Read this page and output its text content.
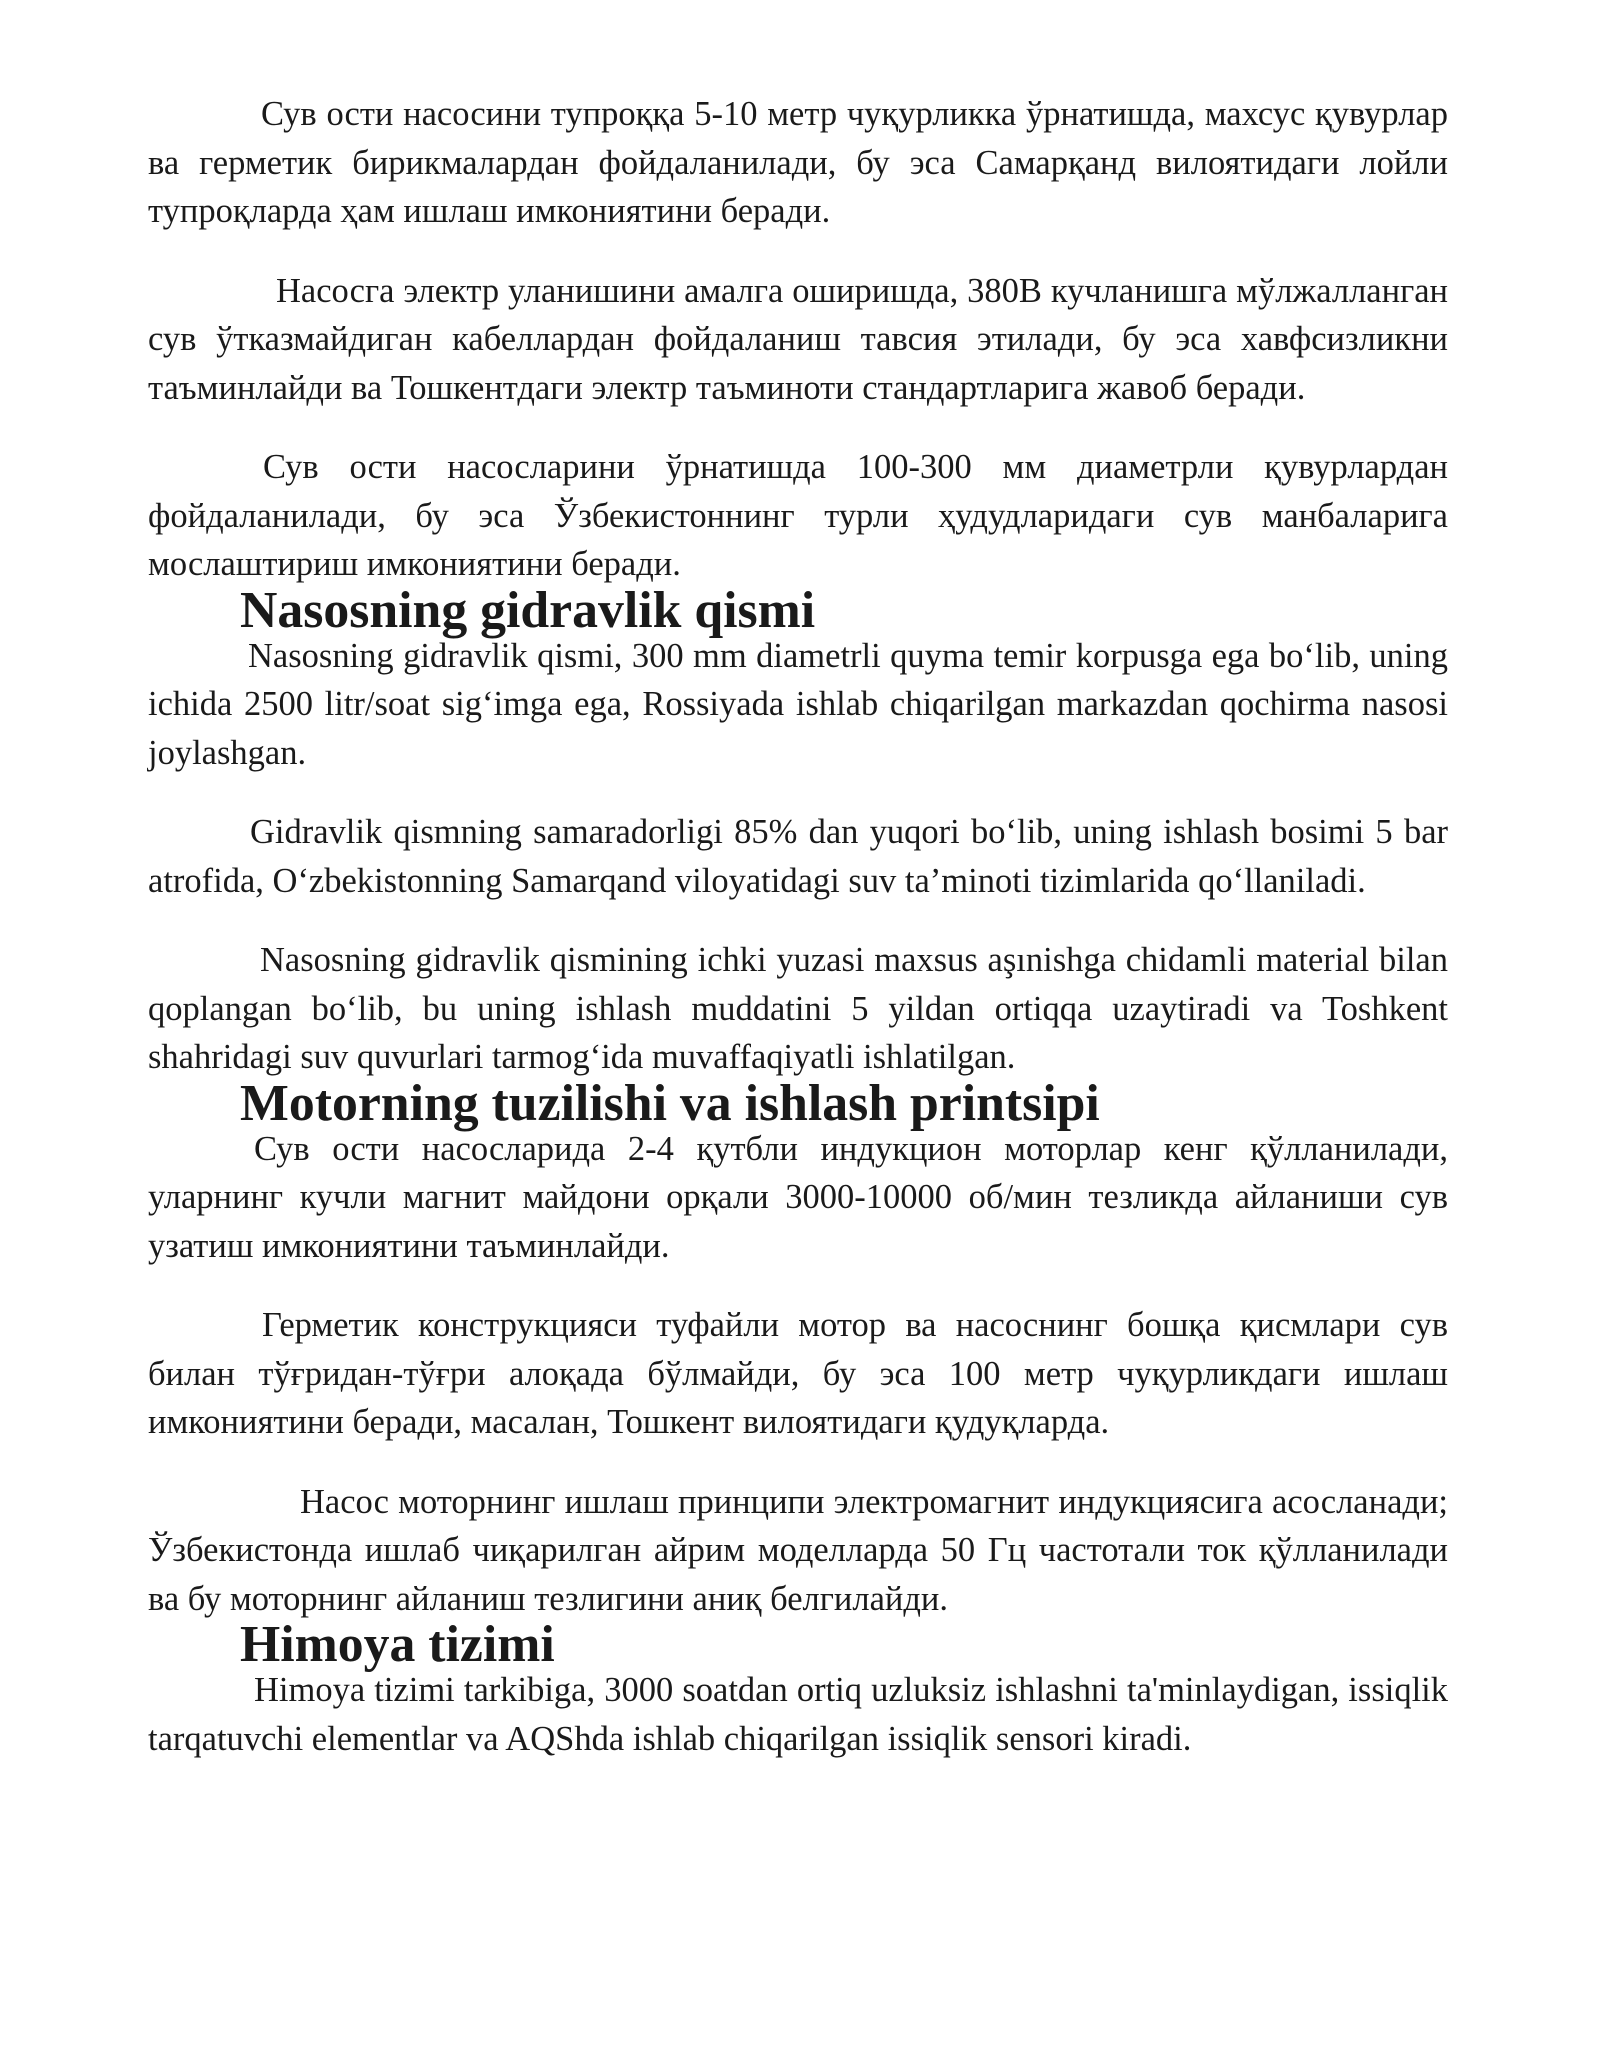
Сув ости насосини тупроққа 5-10 метр чуқурликка ўрнатишда, махсус қувурлар ва герметик бирикмалардан фойдаланилади, бу эса Самарқанд вилоятидаги лойли тупроқларда ҳам ишлаш имкониятини беради.

Насосга электр уланишини амалга оширишда, 380В кучланишга мўлжалланган сув ўтказмайдиган кабеллардан фойдаланиш тавсия этилади, бу эса хавфсизликни таъминлайди ва Тошкентдаги электр таъминоти стандартларига жавоб беради.

Сув ости насосларини ўрнатишда 100-300 мм диаметрли қувурлардан фойдаланилади, бу эса Ўзбекистоннинг турли ҳудудларидаги сув манбаларига мослаштириш имкониятини беради.

Nasosning gidravlik qismi

Nasosning gidravlik qismi, 300 mm diametrli quyma temir korpusga ega bo‘lib, uning ichida 2500 litr/soat sig‘imga ega, Rossiyada ishlab chiqarilgan markazdan qochirma nasosi joylashgan.

Gidravlik qismning samaradorligi 85% dan yuqori bo‘lib, uning ishlash bosimi 5 bar atrofida, O‘zbekistonning Samarqand viloyatidagi suv ta’minoti tizimlarida qo‘llaniladi.

Nasosning gidravlik qismining ichki yuzasi maxsus aşınishga chidamli material bilan qoplangan bo‘lib, bu uning ishlash muddatini 5 yildan ortiqqa uzaytiradi va Toshkent shahridagi suv quvurlari tarmog‘ida muvaffaqiyatli ishlatilgan.

Motorning tuzilishi va ishlash printsipi

Сув ости насосларида 2-4 қутбли индукцион моторлар кенг қўлланилади, уларнинг кучли магнит майдони орқали 3000-10000 об/мин тезликда айланиши сув узатиш имкониятини таъминлайди.

Герметик конструкцияси туфайли мотор ва насоснинг бошқа қисмлари сув билан тўғридан-тўғри алоқада бўлмайди, бу эса 100 метр чуқурликдаги ишлаш имкониятини беради, масалан, Тошкент вилоятидаги қудуқларда.

Насос моторнинг ишлаш принципи электромагнит индукциясига асосланади; Ўзбекистонда ишлаб чиқарилган айрим моделларда 50 Гц частотали ток қўлланилади ва бу моторнинг айланиш тезлигини аниқ белгилайди.

Himoya tizimi

Himoya tizimi tarkibiga, 3000 soatdan ortiq uzluksiz ishlashni ta'minlaydigan, issiqlik tarqatuvchi elementlar va AQShda ishlab chiqarilgan issiqlik sensori kiradi.
